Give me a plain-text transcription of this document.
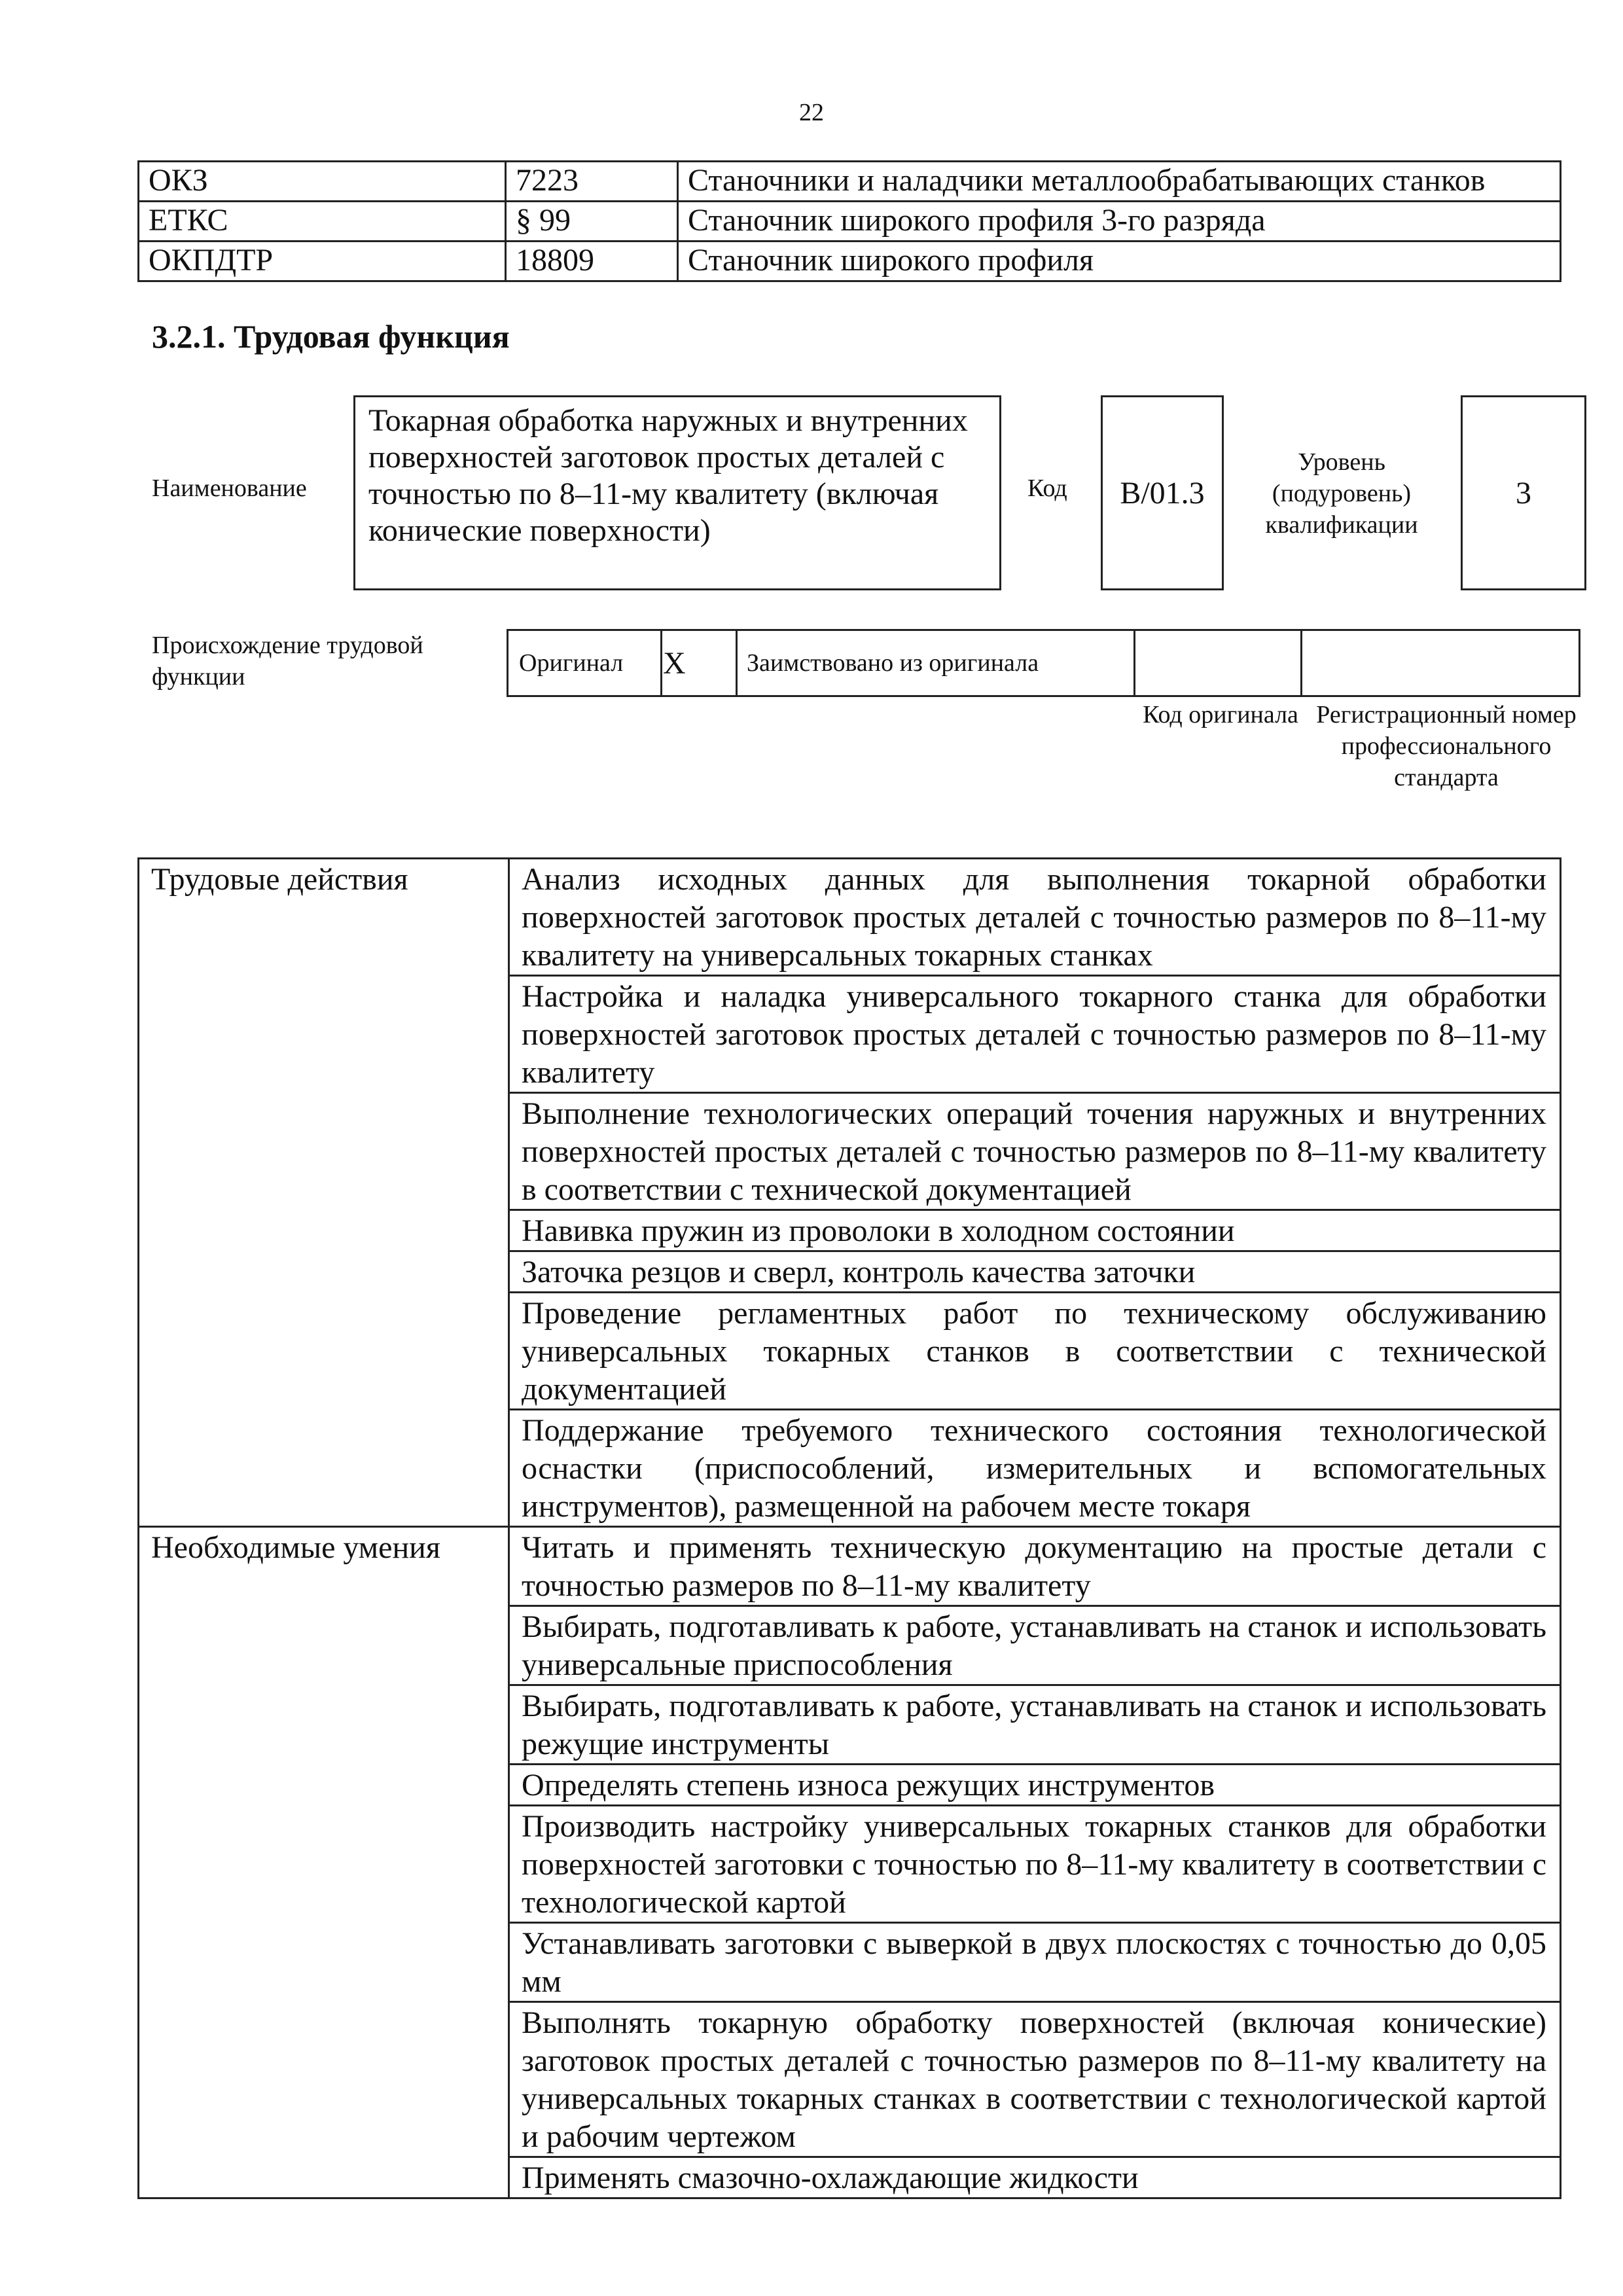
22
ОКЗ	7223	Станочники и наладчики металлообрабатывающих станков
ЕТКС	§ 99	Станочник широкого профиля 3-го разряда
ОКПДТР	18809	Станочник широкого профиля
3.2.1. Трудовая функция
Наименование
Токарная обработка наружных и внутренних поверхностей заготовок простых деталей с точностью по 8–11-му квалитету (включая конические поверхности)
Код	B/01.3
Уровень (подуровень) квалификации
3
Происхождение трудовой функции	Оригинал	X	Заимствовано из оригинала		
Код оригинала Регистрационный номер профессионального стандарта
Трудовые действия	Анализ исходных данных для выполнения токарной обработки поверхностей заготовок простых деталей с точностью размеров по 8–11-му квалитету на универсальных токарных станках
	Настройка и наладка универсального токарного станка для обработки поверхностей заготовок простых деталей с точностью размеров по 8–11-му квалитету
	Выполнение технологических операций точения наружных и внутренних поверхностей простых деталей с точностью размеров по 8–11-му квалитету в соответствии с технической документацией
	Навивка пружин из проволоки в холодном состоянии
	Заточка резцов и сверл, контроль качества заточки
	Проведение регламентных работ по техническому обслуживанию универсальных токарных станков в соответствии с технической документацией
	Поддержание требуемого технического состояния технологической оснастки (приспособлений, измерительных и вспомогательных инструментов), размещенной на рабочем месте токаря
Необходимые умения	Читать и применять техническую документацию на простые детали с точностью размеров по 8–11-му квалитету
	Выбирать, подготавливать к работе, устанавливать на станок и использовать универсальные приспособления
	Выбирать, подготавливать к работе, устанавливать на станок и использовать режущие инструменты
	Определять степень износа режущих инструментов
	Производить настройку универсальных токарных станков для обработки поверхностей заготовки с точностью по 8–11-му квалитету в соответствии с технологической картой
	Устанавливать заготовки с выверкой в двух плоскостях с точностью до 0,05 мм
	Выполнять токарную обработку поверхностей (включая конические) заготовок простых деталей с точностью размеров по 8–11-му квалитету на универсальных токарных станках в соответствии с технологической картой и рабочим чертежом
	Применять смазочно-охлаждающие жидкости
